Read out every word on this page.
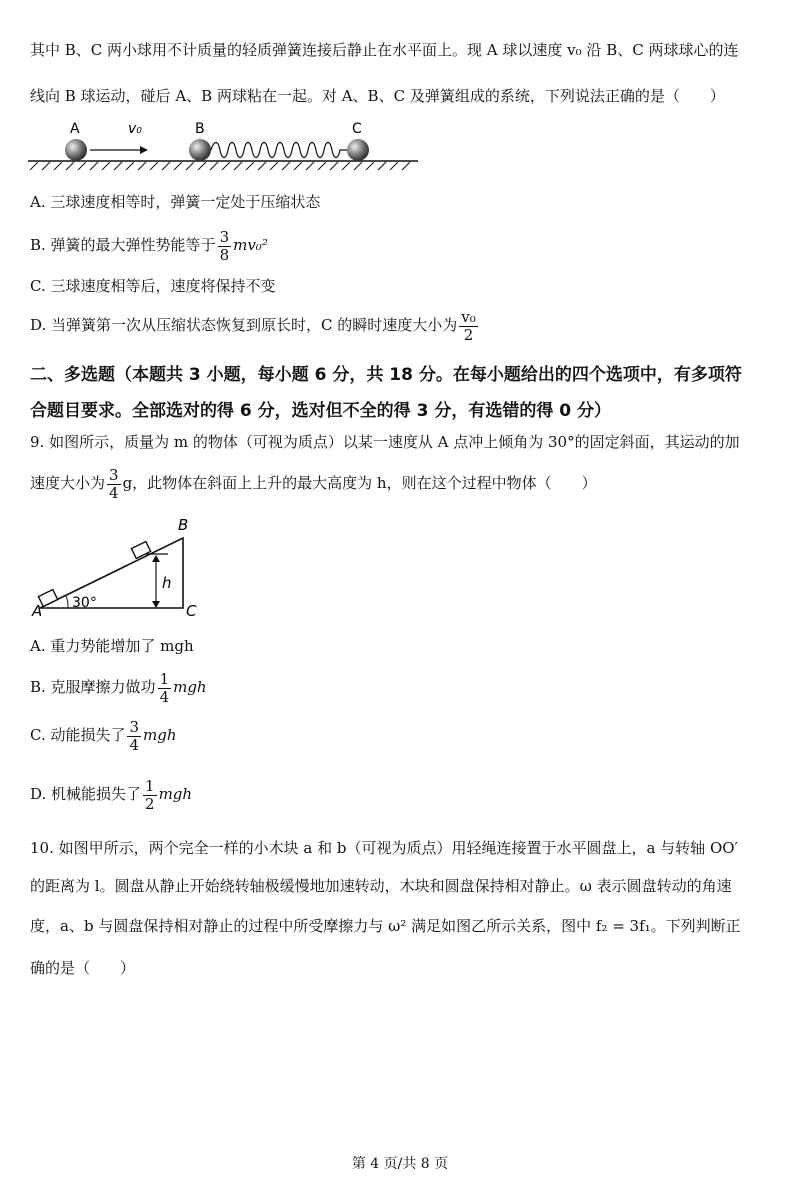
其中 B、C 两小球用不计质量的轻质弹簧连接后静止在水平面上。现 A 球以速度 v₀ 沿 B、C 两球球心的连
线向 B 球运动，碰后 A、B 两球粘在一起。对 A、B、C 及弹簧组成的系统，下列说法正确的是（　　）
A	v₀	B	C
A. 三球速度相等时，弹簧一定处于压缩状态
B. 弹簧的最大弹性势能等于 $\frac{3}{8} mv_0^2$
C. 三球速度相等后，速度将保持不变
D. 当弹簧第一次从压缩状态恢复到原长时，C 的瞬时速度大小为 $\frac{\text{v₀}}{2}$
二、多选题（本题共 3 小题，每小题 6 分，共 18 分。在每小题给出的四个选项中，有多项符
合题目要求。全部选对的得 6 分，选对但不全的得 3 分，有选错的得 0 分）
9. 如图所示，质量为 m 的物体（可视为质点）以某一速度从 A 点冲上倾角为 30°的固定斜面，其运动的加
速度大小为 $\frac{3}{4}$ g，此物体在斜面上上升的最大高度为 h，则在这个过程中物体（　　）
A
B
C
h
30°
A. 重力势能增加了 mgh
B. 克服摩擦力做功 $\frac{1}{4}$ mgh
C. 动能损失了 $\frac{3}{4}$ mgh
D. 机械能损失了 $\frac{1}{2}$ mgh
10. 如图甲所示，两个完全一样的小木块 a 和 b（可视为质点）用轻绳连接置于水平圆盘上，a 与转轴 OO′
的距离为 l。圆盘从静止开始绕转轴极缓慢地加速转动，木块和圆盘保持相对静止。ω 表示圆盘转动的角速
度，a、b 与圆盘保持相对静止的过程中所受摩擦力与 ω² 满足如图乙所示关系，图中 f₂ = 3f₁。下列判断正
确的是（　　）
第 4 页/共 8 页
